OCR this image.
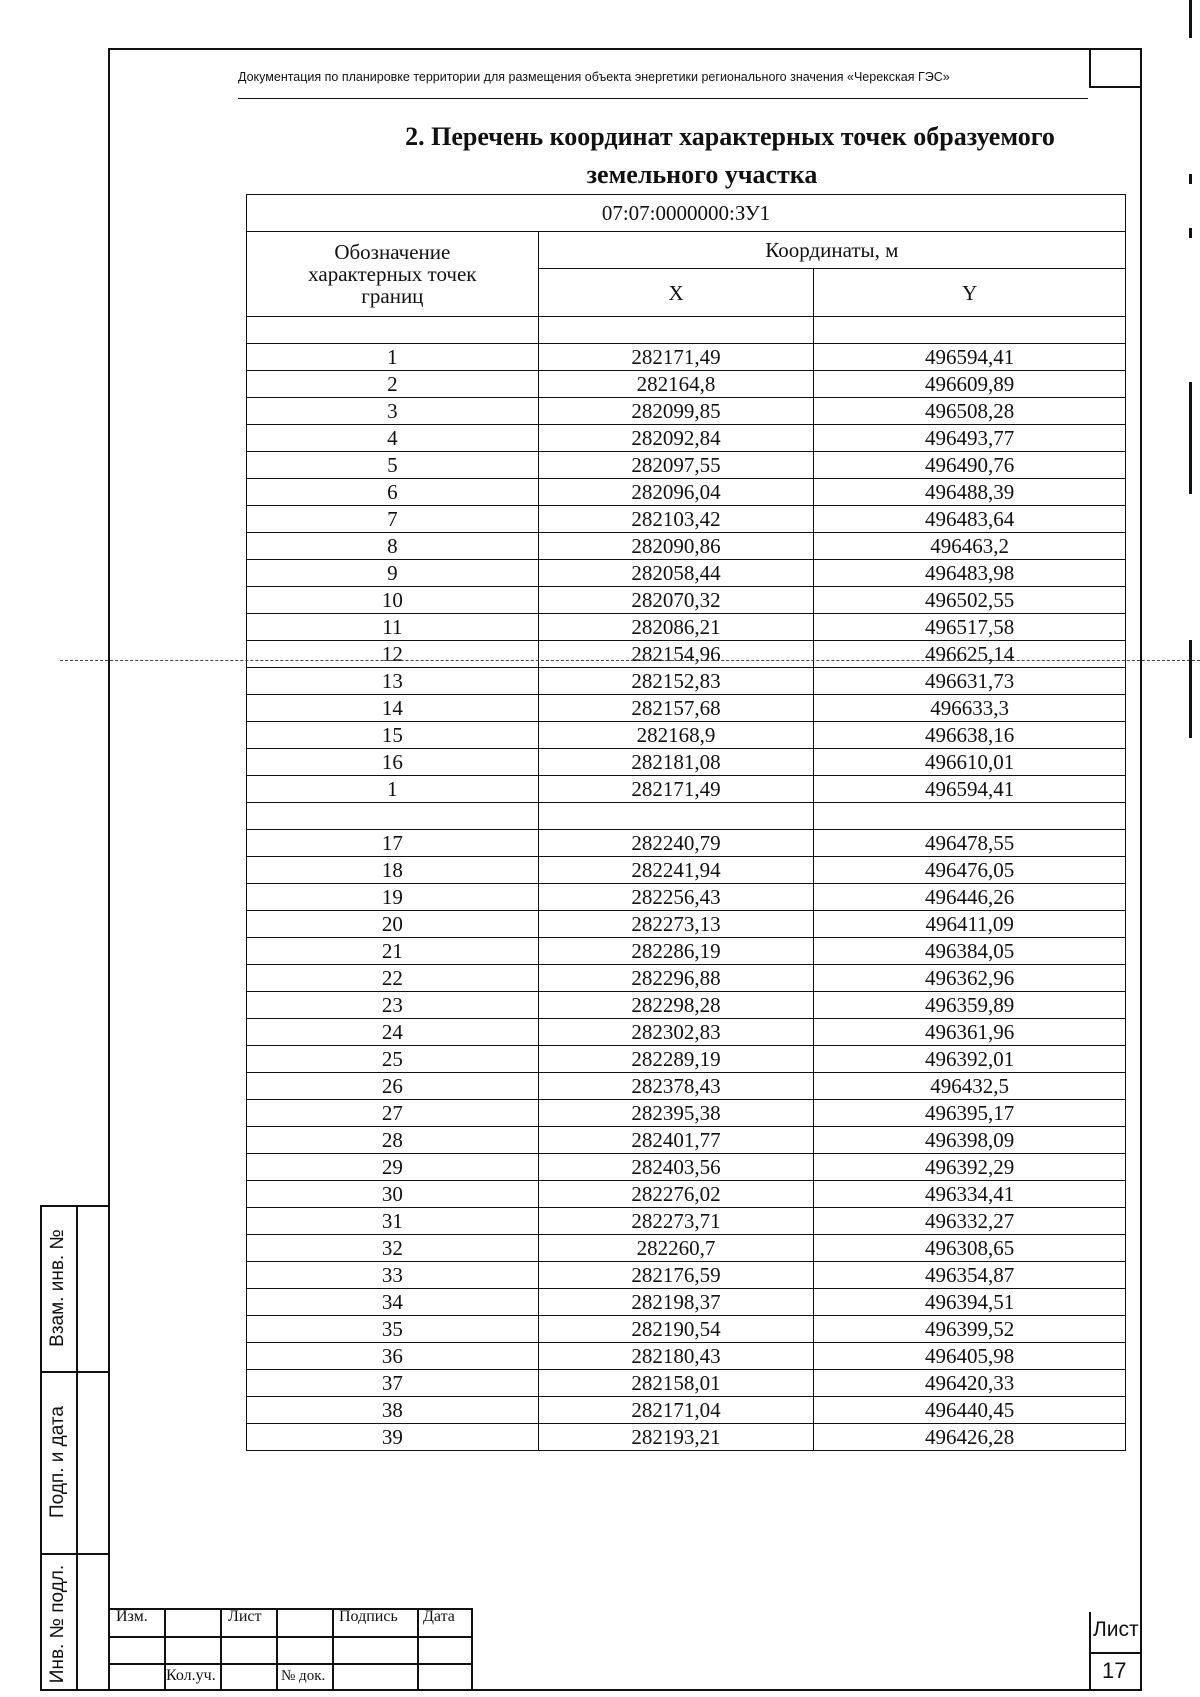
Документация по планировке территории для размещения объекта энергетики регионального значения «Черекская ГЭС»
2. Перечень координат характерных точек образуемого
земельного участка
07:07:0000000:ЗУ1		

Обозначение
характерных точек
границ	Координаты, м	
	X	Y

1	282171,49	496594,41
2	282164,8	496609,89
3	282099,85	496508,28
4	282092,84	496493,77
5	282097,55	496490,76
6	282096,04	496488,39
7	282103,42	496483,64
8	282090,86	496463,2
9	282058,44	496483,98
10	282070,32	496502,55
11	282086,21	496517,58
12	282154,96	496625,14
13	282152,83	496631,73
14	282157,68	496633,3
15	282168,9	496638,16
16	282181,08	496610,01
1	282171,49	496594,41

17	282240,79	496478,55
18	282241,94	496476,05
19	282256,43	496446,26
20	282273,13	496411,09
21	282286,19	496384,05
22	282296,88	496362,96
23	282298,28	496359,89
24	282302,83	496361,96
25	282289,19	496392,01
26	282378,43	496432,5
27	282395,38	496395,17
28	282401,77	496398,09
29	282403,56	496392,29
30	282276,02	496334,41
31	282273,71	496332,27
32	282260,7	496308,65
33	282176,59	496354,87
34	282198,37	496394,51
35	282190,54	496399,52
36	282180,43	496405,98
37	282158,01	496420,33
38	282171,04	496440,45
39	282193,21	496426,28
Взам. инв. №
Подп. и дата
Инв. № подл.	Изм.
Кол.уч.
Лист
№ док.
Подпись Дата
Лист
17
